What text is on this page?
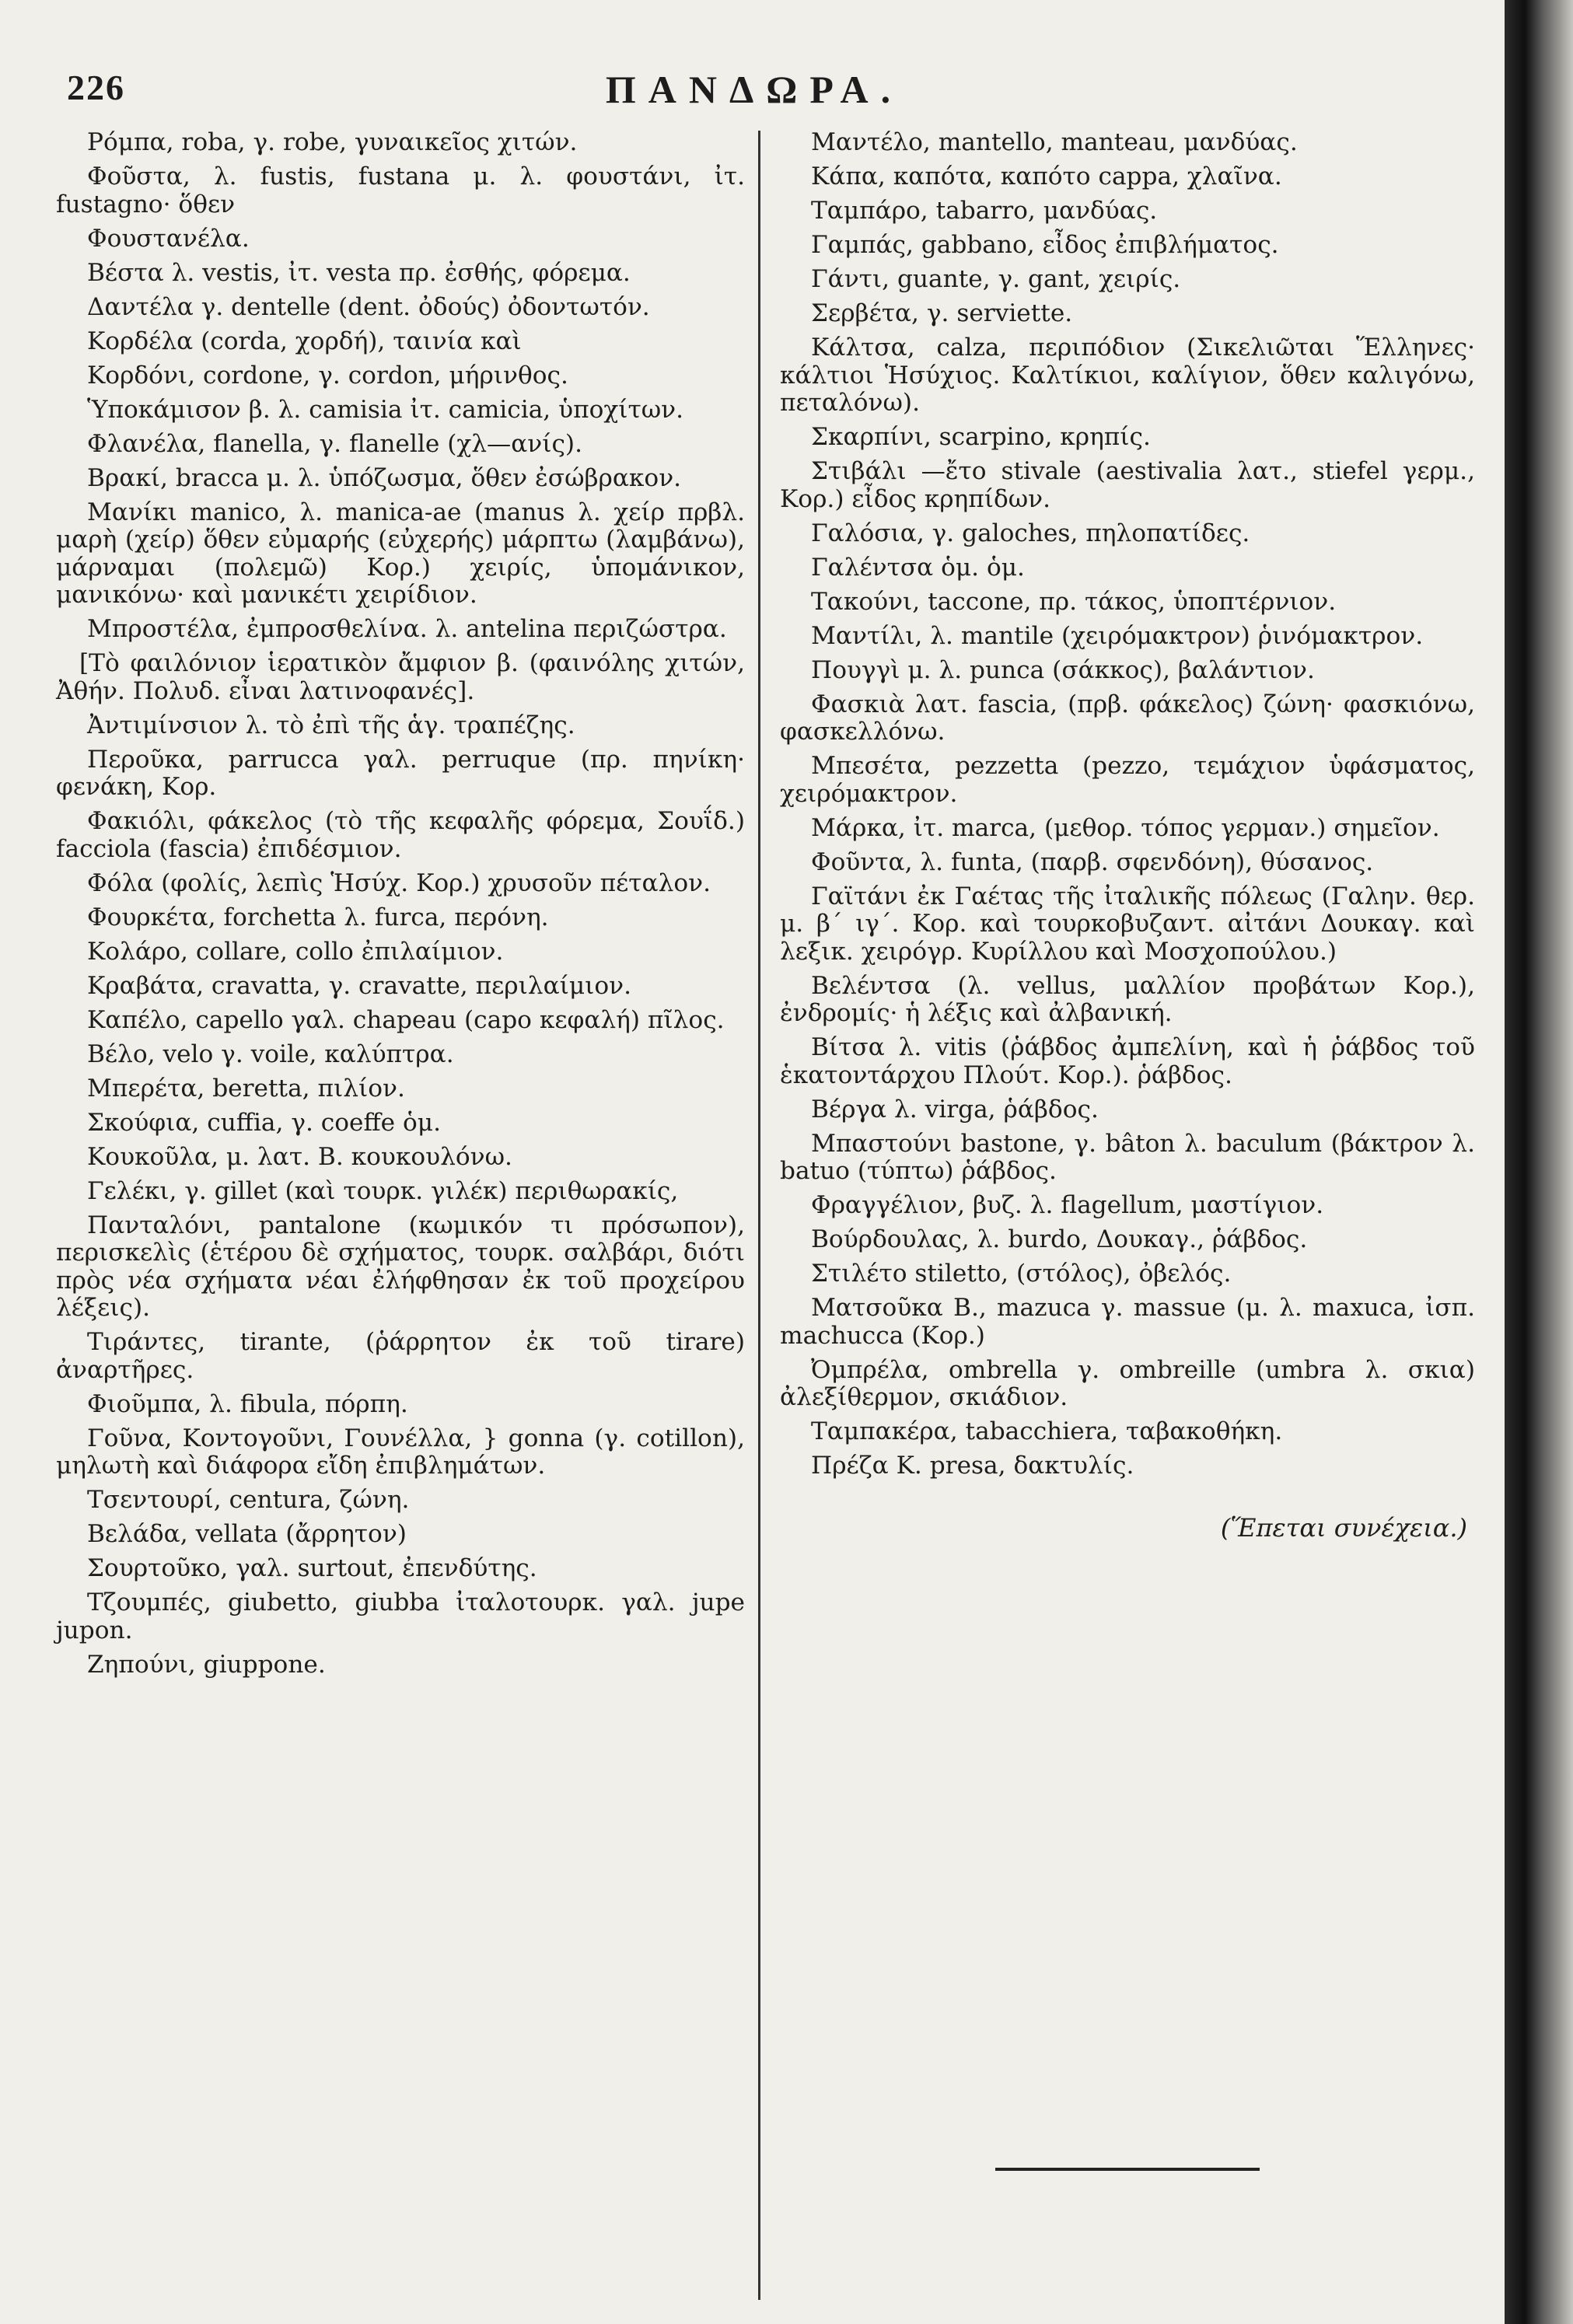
226	ΠΑΝΔΩΡΑ.

Ρόμπα, roba, γ. robe, γυναικεῖος χιτών.

Φοῦστα, λ. fustis, fustana μ. λ. φουστάνι, ἰτ. fustagno· ὅθεν

Φουστανέλα.

Βέστα λ. vestis, ἰτ. vesta πρ. ἐσθής, φόρεμα.

Δαντέλα γ. dentelle (dent. ὀδούς) ὀδοντωτόν.

Κορδέλα (corda, χορδή), ταινία καὶ

Κορδόνι, cordone, γ. cordon, μήρινθος.

Ὑποκάμισον β. λ. camisia ἰτ. camicia, ὑποχίτων.

Φλανέλα, flanella, γ. flanelle (χλ—ανίς).

Βρακί, bracca μ. λ. ὑπόζωσμα, ὅθεν ἐσώβρακον.

Μανίκι manico, λ. manica-ae (manus λ. χείρ πρβλ. μαρὴ (χείρ) ὅθεν εὐμαρής (εὐχερής) μάρπτω (λαμβάνω), μάρναμαι (πολεμῶ) Κορ.) χειρίς, ὑπομάνικον, μανικόνω· καὶ μανικέτι χειρίδιον.

Μπροστέλα, ἐμπροσθελίνα. λ. antelina περιζώστρα.

[Τὸ φαιλόνιον ἱερατικὸν ἄμφιον β. (φαινόλης χιτών, Ἀθήν. Πολυδ. εἶναι λατινοφανές].

Ἀντιμίνσιον λ. τὸ ἐπὶ τῆς ἁγ. τραπέζης.

Περοῦκα, parrucca γαλ. perruque (πρ. πηνίκη· φενάκη, Κορ.

Φακιόλι, φάκελος (τὸ τῆς κεφαλῆς φόρεμα, Σουΐδ.) facciola (fascia) ἐπιδέσμιον.

Φόλα (φολίς, λεπὶς Ἡσύχ. Κορ.) χρυσοῦν πέταλον.

Φουρκέτα, forchetta λ. furca, περόνη.

Κολάρο, collare, collo ἐπιλαίμιον.

Κραβάτα, cravatta, γ. cravatte, περιλαίμιον.

Καπέλο, capello γαλ. chapeau (capo κεφαλή) πῖλος.

Βέλο, velo γ. voile, καλύπτρα.

Μπερέτα, beretta, πιλίον.

Σκούφια, cuffia, γ. coeffe ὁμ.

Κουκοῦλα, μ. λατ. Β. κουκουλόνω.

Γελέκι, γ. gillet (καὶ τουρκ. γιλέκ) περιθωρακίς,

Πανταλόνι, pantalone (κωμικόν τι πρόσωπον), περισκελὶς (ἑτέρου δὲ σχήματος, τουρκ. σαλβάρι, διότι πρὸς νέα σχήματα νέαι ἐλήφθησαν ἐκ τοῦ προχείρου λέξεις).

Τιράντες, tirante, (ῥάρρητον ἐκ τοῦ tirare) ἀναρτῆρες.

Φιοῦμπα, λ. fibula, πόρπη.

Γοῦνα, Κοντογοῦνι, Γουνέλλα, } gonna (γ. cotillon), μηλωτὴ καὶ διάφορα εἴδη ἐπιβλημάτων.

Τσεντουρί, centura, ζώνη.

Βελάδα, vellata (ἄρρητον)

Σουρτοῦκο, γαλ. surtout, ἐπενδύτης.

Τζουμπές, giubetto, giubba ἰταλοτουρκ. γαλ. jupe jupon.

Ζηπούνι, giuppone.

Μαντέλο, mantello, manteau, μανδύας.

Κάπα, καπότα, καπότο cappa, χλαῖνα.

Ταμπάρο, tabarro, μανδύας.

Γαμπάς, gabbano, εἶδος ἐπιβλήματος.

Γάντι, guante, γ. gant, χειρίς.

Σερβέτα, γ. serviette.

Κάλτσα, calza, περιπόδιον (Σικελιῶται Ἕλληνες· κάλτιοι Ἡσύχιος. Καλτίκιοι, καλίγιον, ὅθεν καλιγόνω, πεταλόνω).

Σκαρπίνι, scarpino, κρηπίς.

Στιβάλι —ἔτο stivale (aestivalia λατ., stiefel γερμ., Κορ.) εἶδος κρηπίδων.

Γαλόσια, γ. galoches, πηλοπατίδες.

Γαλέντσα ὁμ. ὁμ.

Τακούνι, taccone, πρ. τάκος, ὑποπτέρνιον.

Μαντίλι, λ. mantile (χειρόμακτρον) ῥινόμακτρον.

Πουγγὶ μ. λ. punca (σάκκος), βαλάντιον.

Φασκιὰ λατ. fascia, (πρβ. φάκελος) ζώνη· φασκιόνω, φασκελλόνω.

Μπεσέτα, pezzetta (pezzo, τεμάχιον ὑφάσματος, χειρόμακτρον.

Μάρκα, ἰτ. marca, (μεθορ. τόπος γερμαν.) σημεῖον.

Φοῦντα, λ. funta, (παρβ. σφενδόνη), θύσανος.

Γαϊτάνι ἐκ Γαέτας τῆς ἰταλικῆς πόλεως (Γαλην. θερ. μ. β΄ ιγ΄. Κορ. καὶ τουρκοβυζαντ. αἰτάνι Δουκαγ. καὶ λεξικ. χειρόγρ. Κυρίλλου καὶ Μοσχοπούλου.)

Βελέντσα (λ. vellus, μαλλίον προβάτων Κορ.), ἐνδρομίς· ἡ λέξις καὶ ἀλβανική.

Βίτσα λ. vitis (ῥάβδος ἀμπελίνη, καὶ ἡ ῥάβδος τοῦ ἑκατοντάρχου Πλούτ. Κορ.). ῥάβδος.

Βέργα λ. virga, ῥάβδος.

Μπαστούνι bastone, γ. bâton λ. baculum (βάκτρον λ. batuo (τύπτω) ῥάβδος.

Φραγγέλιον, βυζ. λ. flagellum, μαστίγιον.

Βούρδουλας, λ. burdo, Δουκαγ., ῥάβδος.

Στιλέτο stiletto, (στόλος), ὀβελός.

Ματσοῦκα Β., mazuca γ. massue (μ. λ. maxuca, ἰσπ. machucca (Κορ.)

Ὀμπρέλα, ombrella γ. ombreille (umbra λ. σκια) ἀλεξίθερμον, σκιάδιον.

Ταμπακέρα, tabacchiera, ταβακοθήκη.

Πρέζα Κ. presa, δακτυλίς.

(Ἕπεται συνέχεια.)
